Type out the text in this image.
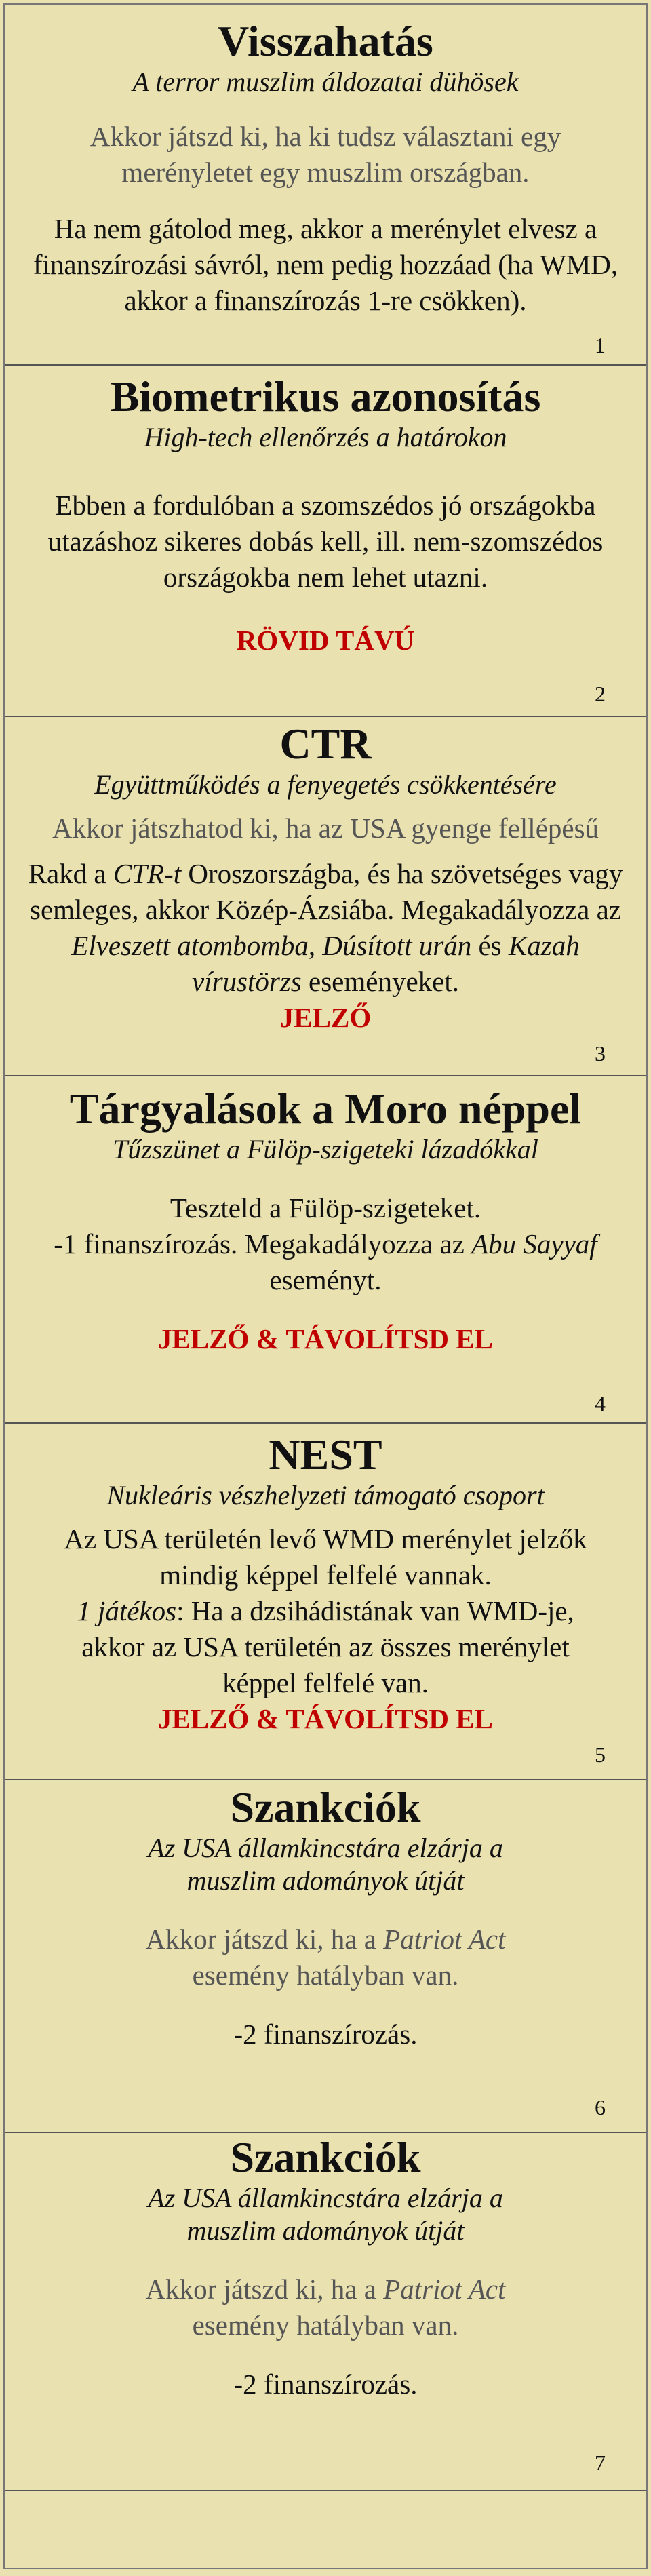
Visszahatás

A terror muszlim áldozatai dühösek

Akkor játszd ki, ha ki tudsz választani egy merényletet egy muszlim országban.

Ha nem gátolod meg, akkor a merénylet elvesz a finanszírozási sávról, nem pedig hozzáad (ha WMD, akkor a finanszírozás 1-re csökken).

1
Biometrikus azonosítás

High-tech ellenőrzés a határokon

Ebben a fordulóban a szomszédos jó országokba utazáshoz sikeres dobás kell, ill. nem-szomszédos országokba nem lehet utazni.

RÖVID TÁVÚ
2
CTR

Együttműködés a fenyegetés csökkentésére

Akkor játszhatod ki, ha az USA gyenge fellépésű

Rakd a CTR-t Oroszországba, és ha szövetséges vagy semleges, akkor Közép-Ázsiába. Megakadályozza az Elveszett atombomba, Dúsított urán és Kazah vírustörzs eseményeket.

JELZŐ
3
Tárgyalások a Moro néppel

Tűzszünet a Fülöp-szigeteki lázadókkal

Teszteld a Fülöp-szigeteket.

-1 finanszírozás. Megakadályozza az Abu Sayyaf eseményt.

JELZŐ & TÁVOLÍTSD EL
4
NEST

Nukleáris vészhelyzeti támogató csoport

Az USA területén levő WMD merénylet jelzők mindig képpel felfelé vannak.

1 játékos: Ha a dzsihádistának van WMD-je, akkor az USA területén az összes merénylet képpel felfelé van.

JELZŐ & TÁVOLÍTSD EL
5
Szankciók

Az USA államkincstára elzárja a muszlim adományok útját

Akkor játszd ki, ha a Patriot Act esemény hatályban van.

-2 finanszírozás.

6
Szankciók

Az USA államkincstára elzárja a muszlim adományok útját

Akkor játszd ki, ha a Patriot Act esemény hatályban van.

-2 finanszírozás.

7
